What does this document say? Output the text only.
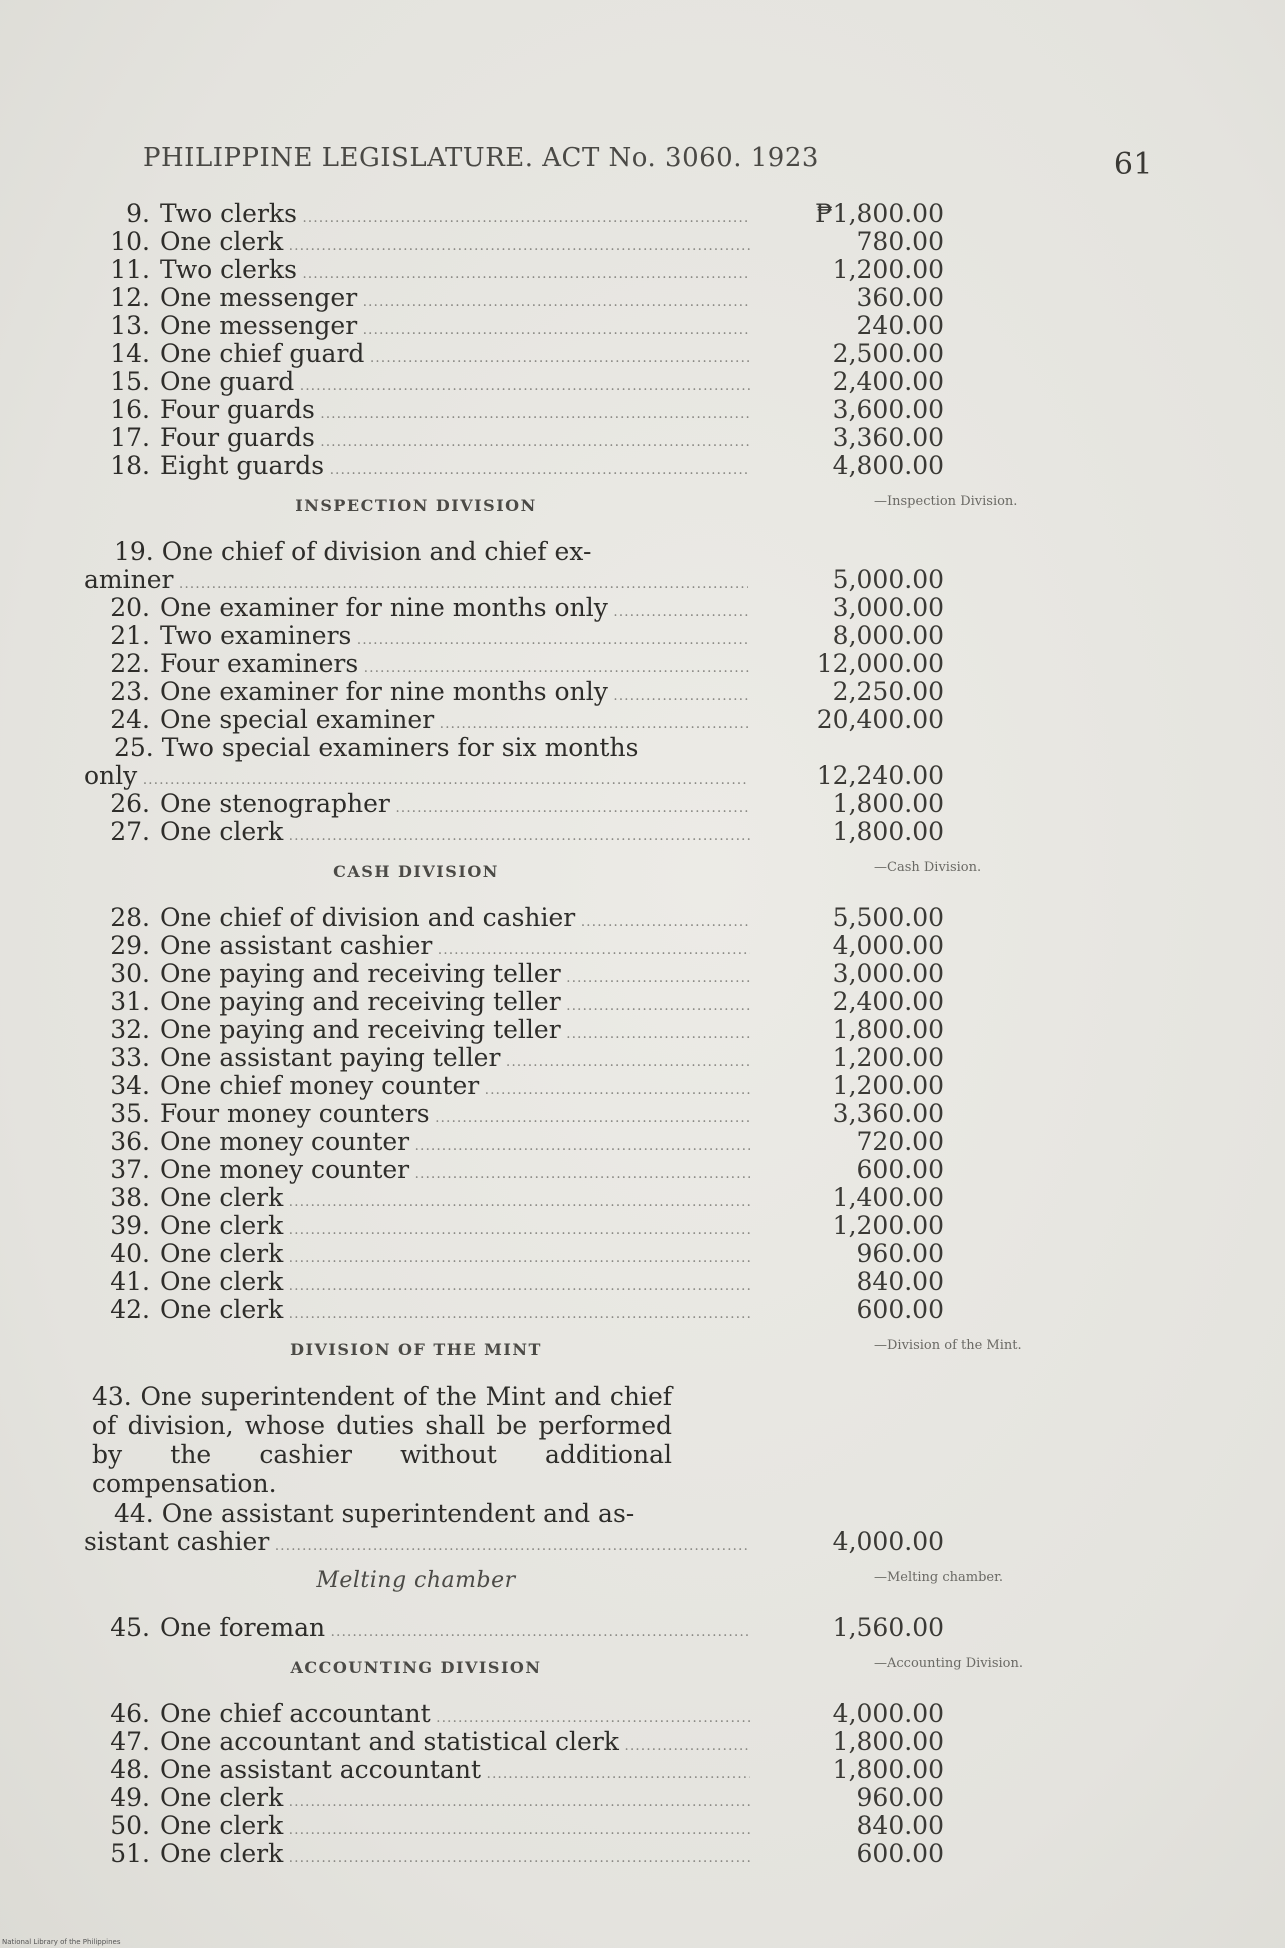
PHILIPPINE LEGISLATURE. ACT No. 3060. 1923	61
9. Two clerks .....	₱1,800.00
10. One clerk .....	780.00
11. Two clerks .....	1,200.00
12. One messenger .....	360.00
13. One messenger .....	240.00
14. One chief guard .....	2,500.00
15. One guard .....	2,400.00
16. Four guards .....	3,600.00
17. Four guards .....	3,360.00
18. Eight guards .....	4,800.00
INSPECTION DIVISION	—Inspection Division.
19. One chief of division and chief ex-
aminer .....	5,000.00
20. One examiner for nine months only .....	3,000.00
21. Two examiners .....	8,000.00
22. Four examiners .....	12,000.00
23. One examiner for nine months only .....	2,250.00
24. One special examiner .....	20,400.00
25. Two special examiners for six months
only .....	12,240.00
26. One stenographer .....	1,800.00
27. One clerk .....	1,800.00
CASH DIVISION	—Cash Division.
28. One chief of division and cashier .....	5,500.00
29. One assistant cashier .....	4,000.00
30. One paying and receiving teller .....	3,000.00
31. One paying and receiving teller .....	2,400.00
32. One paying and receiving teller .....	1,800.00
33. One assistant paying teller .....	1,200.00
34. One chief money counter .....	1,200.00
35. Four money counters .....	3,360.00
36. One money counter .....	720.00
37. One money counter .....	600.00
38. One clerk .....	1,400.00
39. One clerk .....	1,200.00
40. One clerk .....	960.00
41. One clerk .....	840.00
42. One clerk .....	600.00
DIVISION OF THE MINT	—Division of the Mint.
43. One superintendent of the Mint and chief of division, whose duties shall be performed by the cashier without additional compensation.
44. One assistant superintendent and as-
sistant cashier .....	4,000.00
Melting chamber	—Melting chamber.
45. One foreman .....	1,560.00
ACCOUNTING DIVISION	—Accounting Division.
46. One chief accountant .....	4,000.00
47. One accountant and statistical clerk .....	1,800.00
48. One assistant accountant .....	1,800.00
49. One clerk .....	960.00
50. One clerk .....	840.00
51. One clerk .....	600.00
National Library of the Philippines
